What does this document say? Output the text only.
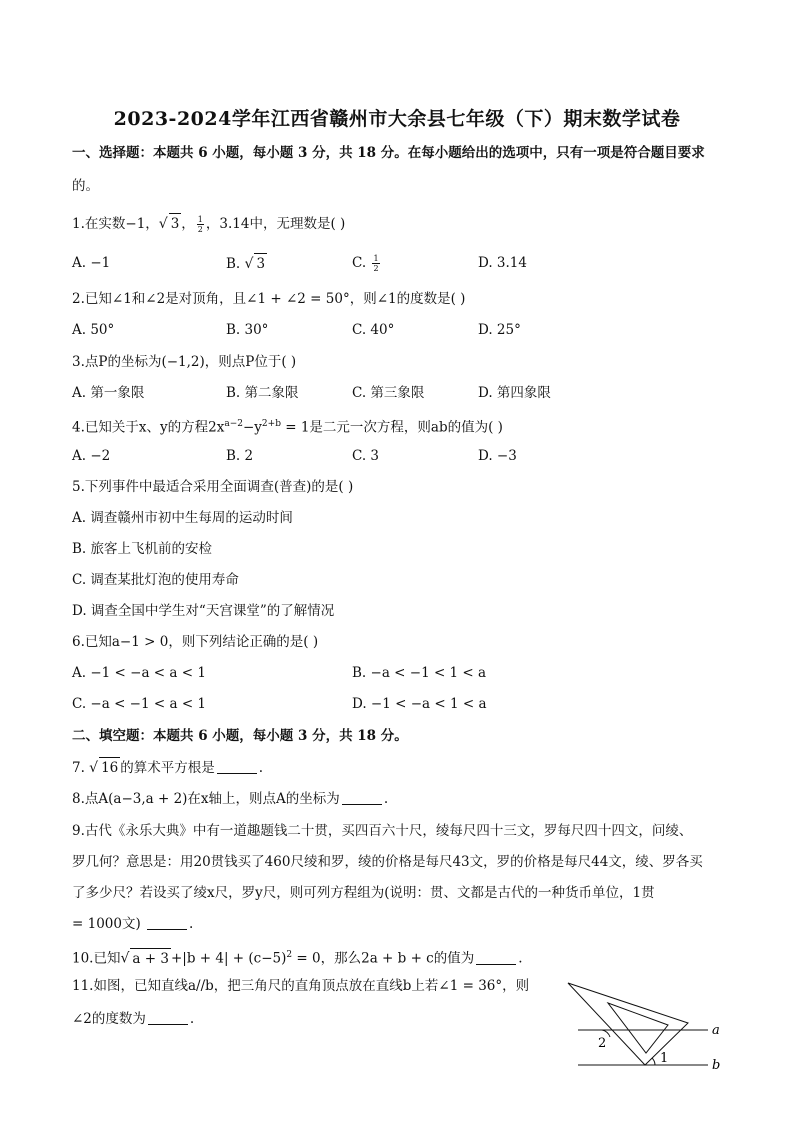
2023-2024学年江西省赣州市大余县七年级（下）期末数学试卷
一、选择题：本题共 6 小题，每小题 3 分，共 18 分。在每小题给出的选项中，只有一项是符合题目要求
的。
1.在实数−1，√ 3 ， $\frac{1}{2}$ ，3.14中，无理数是( )
A. −1	B. √ 3	C. $\frac{1}{2}$	D. 3.14
2.已知∠1和∠2是对顶角，且∠1 + ∠2 = 50°，则∠1的度数是( )
A. 50°	B. 30°	C. 40°	D. 25°
3.点P的坐标为(−1,2)，则点P位于( )
A. 第一象限	B. 第二象限	C. 第三象限	D. 第四象限
4.已知关于x、y的方程$2x^{a-2}-y^{2+b} = 1$是二元一次方程，则ab的值为( )
A. −2	B. 2	C. 3	D. −3
5.下列事件中最适合采用全面调查(普查)的是( )
A. 调查赣州市初中生每周的运动时间
B. 旅客上飞机前的安检
C. 调查某批灯泡的使用寿命
D. 调查全国中学生对“天宫课堂”的了解情况
6.已知a−1 > 0，则下列结论正确的是( )
A. −1 < −a < a < 1	B. −a < −1 < 1 < a
C. −a < −1 < a < 1	D. −1 < −a < 1 < a
二、填空题：本题共 6 小题，每小题 3 分，共 18 分。
7. √ 16 的算术平方根是	.
8.点A(a−3,a + 2)在x轴上，则点A的坐标为	.
9.古代《永乐大典》中有一道趣题钱二十贯，买四百六十尺，绫每尺四十三文，罗每尺四十四文，问绫、
罗几何？意思是：用20贯钱买了460尺绫和罗，绫的价格是每尺43文，罗的价格是每尺44文，绫、罗各买
了多少尺？若设买了绫x尺，罗y尺，则可列方程组为(说明：贯、文都是古代的一种货币单位，1贯
= 1000文)	.
10.已知√ $a + 3 +|b + 4| + (c-5)^2 = 0$，那么2a + b + c的值为	.
11.如图，已知直线a//b，把三角尺的直角顶点放在直线b上若∠1 = 36°，则
∠2的度数为	.
a
b
1
2
